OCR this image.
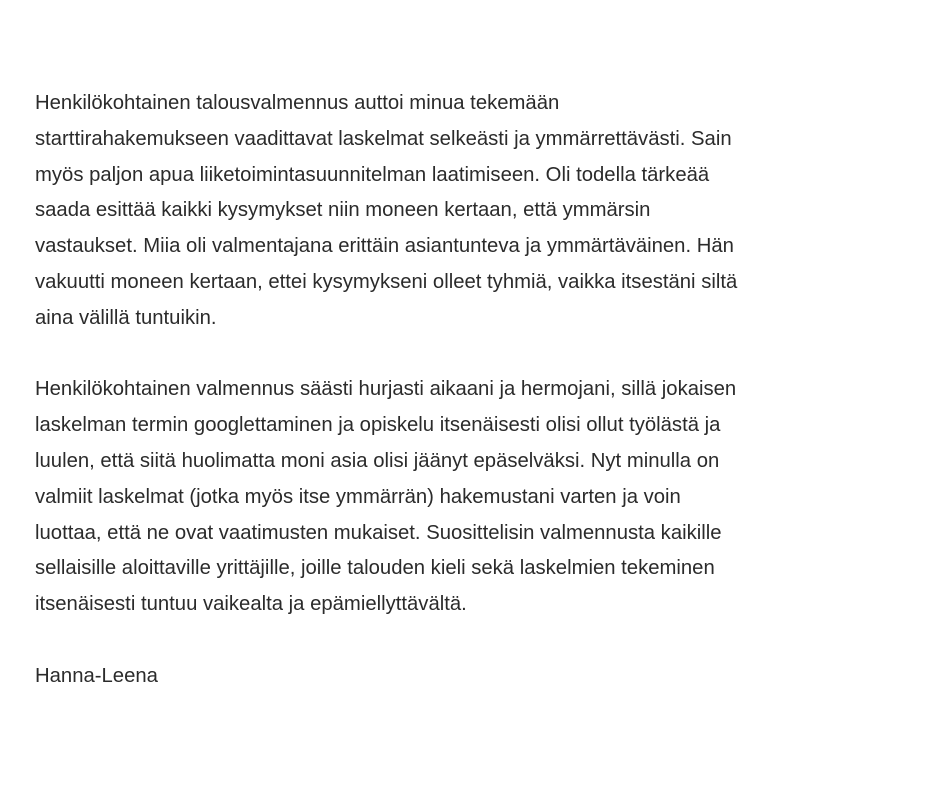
Henkilökohtainen talousvalmennus auttoi minua tekemään
starttirahakemukseen vaadittavat laskelmat selkeästi ja ymmärrettävästi. Sain
myös paljon apua liiketoimintasuunnitelman laatimiseen. Oli todella tärkeää
saada esittää kaikki kysymykset niin moneen kertaan, että ymmärsin
vastaukset. Miia oli valmentajana erittäin asiantunteva ja ymmärtäväinen. Hän
vakuutti moneen kertaan, ettei kysymykseni olleet tyhmiä, vaikka itsestäni siltä
aina välillä tuntuikin.

Henkilökohtainen valmennus säästi hurjasti aikaani ja hermojani, sillä jokaisen
laskelman termin googlettaminen ja opiskelu itsenäisesti olisi ollut työlästä ja
luulen, että siitä huolimatta moni asia olisi jäänyt epäselväksi. Nyt minulla on
valmiit laskelmat (jotka myös itse ymmärrän) hakemustani varten ja voin
luottaa, että ne ovat vaatimusten mukaiset. Suosittelisin valmennusta kaikille
sellaisille aloittaville yrittäjille, joille talouden kieli sekä laskelmien tekeminen
itsenäisesti tuntuu vaikealta ja epämiellyttävältä.

Hanna-Leena
